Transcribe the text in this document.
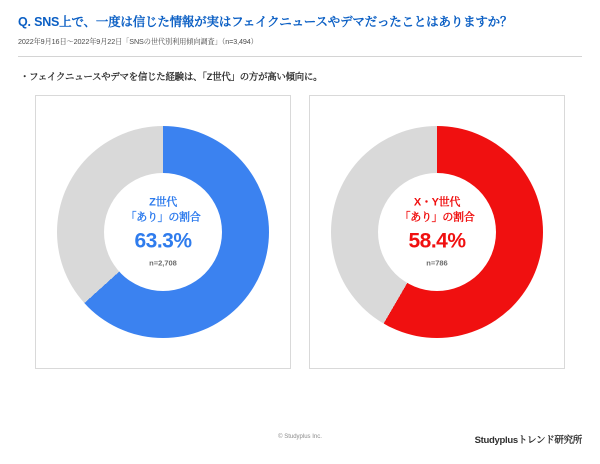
Q. SNS上で、一度は信じた情報が実はフェイクニュースやデマだったことはありますか？
2022年9月16日～2022年9月22日「SNSの世代別利用傾向調査」（n=3,494）
・フェイクニュースやデマを信じた経験は、「Z世代」の方が高い傾向に。
Z世代
「あり」の割合
63.3%
n=2,708
X・Y世代
「あり」の割合
58.4%
n=786
© Studyplus Inc.	Studyplusトレンド研究所
